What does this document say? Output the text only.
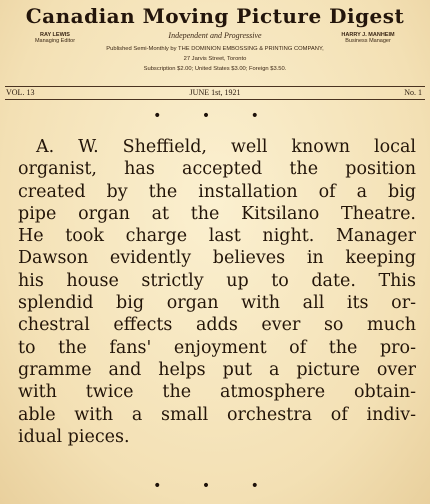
Canadian Moving Picture Digest
RAY LEWIS
Managing Editor
Independent and Progressive	HARRY J. MANHEIM
Business Manager
Published Semi-Monthly by THE DOMINION EMBOSSING & PRINTING COMPANY,
27 Jarvis Street, Toronto
Subscription $2.00; United States $3.00; Foreign $3.50.
VOL. 13	JUNE 1st, 1921	No. 1
• • •
A. W. Sheffield, well known local
organist, has accepted the position
created by the installation of a big
pipe organ at the Kitsilano Theatre.
He took charge last night. Manager
Dawson evidently believes in keeping
his house strictly up to date. This
splendid big organ with all its or-
chestral effects adds ever so much
to the fans' enjoyment of the pro-
gramme and helps put a picture over
with twice the atmosphere obtain-
able with a small orchestra of indiv-
idual pieces.
• • •
